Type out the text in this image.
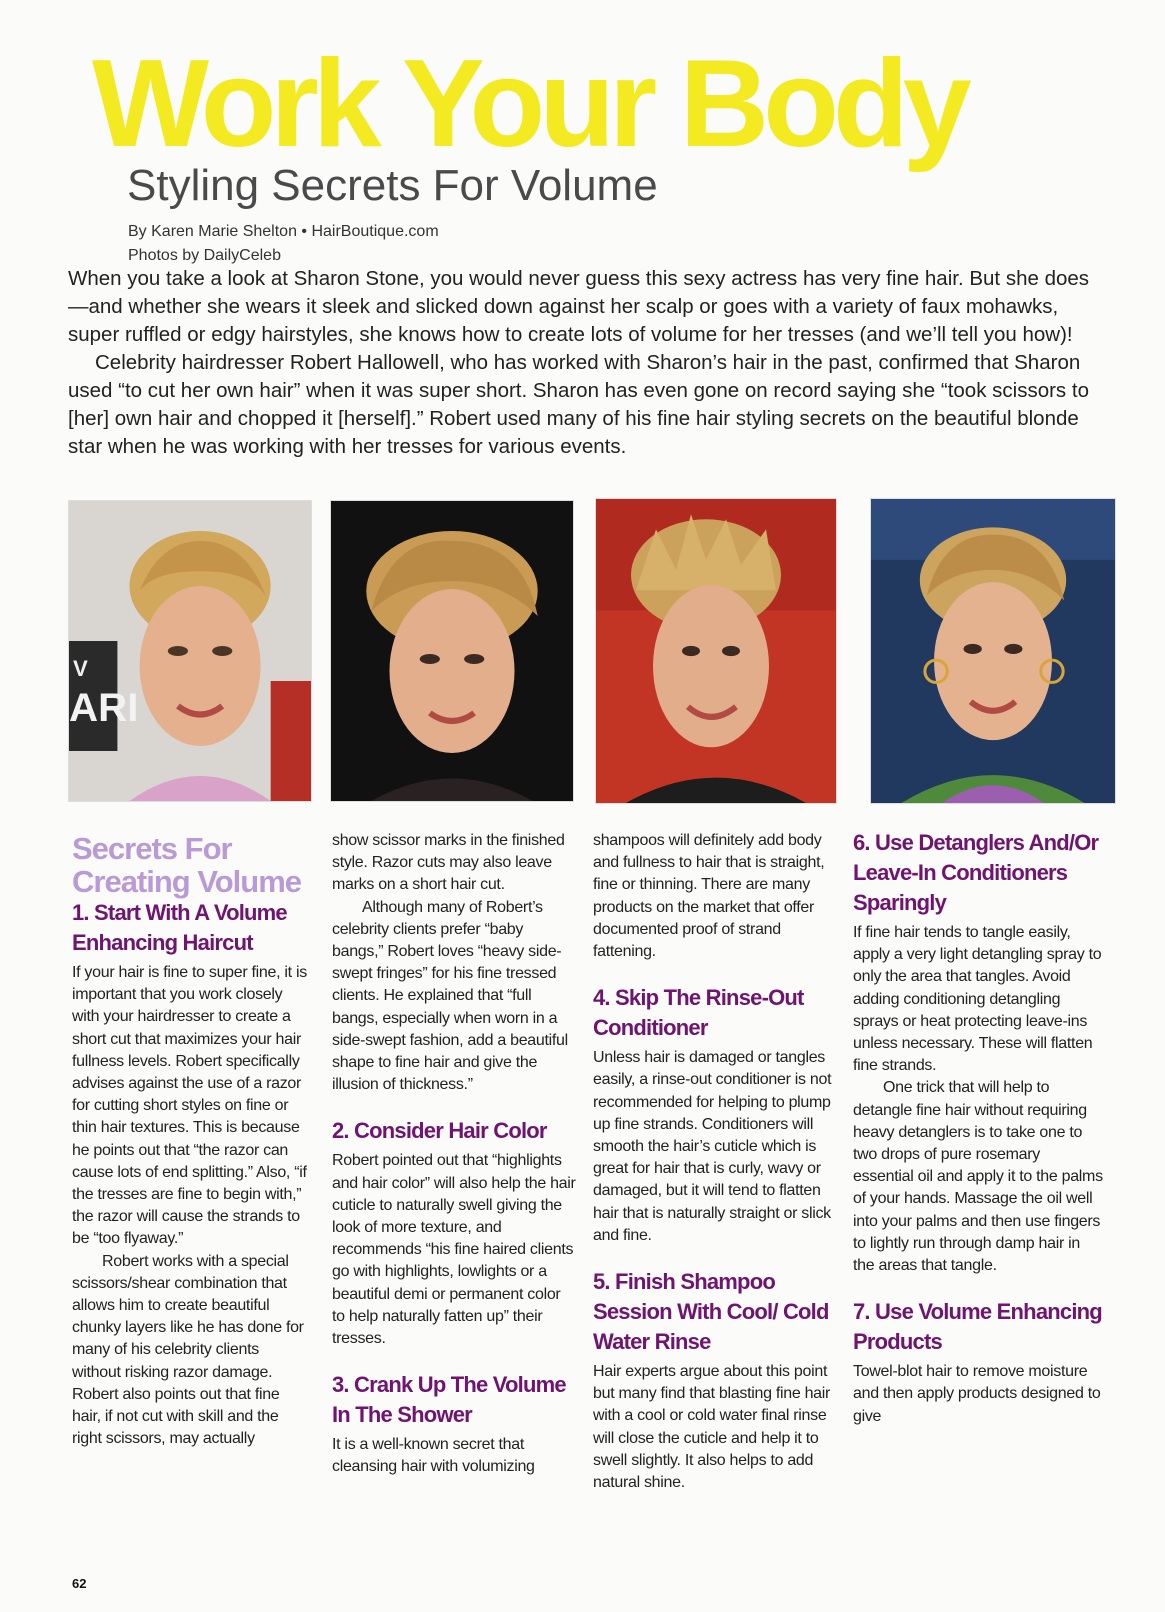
Work Your Body
Styling Secrets For Volume
By Karen Marie Shelton • HairBoutique.com
Photos by DailyCeleb

When you take a look at Sharon Stone, you would never guess this sexy actress has very fine hair. But she does—and whether she wears it sleek and slicked down against her scalp or goes with a variety of faux mohawks, super ruffled or edgy hairstyles, she knows how to create lots of volume for her tresses (and we’ll tell you how)!

Celebrity hairdresser Robert Hallowell, who has worked with Sharon’s hair in the past, confirmed that Sharon used “to cut her own hair” when it was super short. Sharon has even gone on record saying she “took scissors to [her] own hair and chopped it [herself].” Robert used many of his fine hair styling secrets on the beautiful blonde star when he was working with her tresses for various events.

V
ARI
Secrets For Creating Volume
1. Start With A Volume Enhancing Haircut

If your hair is fine to super fine, it is important that you work closely with your hairdresser to create a short cut that maximizes your hair fullness levels. Robert specifically advises against the use of a razor for cutting short styles on fine or thin hair textures. This is because he points out that “the razor can cause lots of end splitting.” Also, “if the tresses are fine to begin with,” the razor will cause the strands to be “too flyaway.”

Robert works with a special scissors/shear combination that allows him to create beautiful chunky layers like he has done for many of his celebrity clients without risking razor damage. Robert also points out that fine hair, if not cut with skill and the right scissors, may actually

show scissor marks in the finished style. Razor cuts may also leave marks on a short hair cut.

Although many of Robert’s celebrity clients prefer “baby bangs,” Robert loves “heavy side-swept fringes” for his fine tressed clients. He explained that “full bangs, especially when worn in a side-swept fashion, add a beautiful shape to fine hair and give the illusion of thickness.”

2. Consider Hair Color

Robert pointed out that “highlights and hair color” will also help the hair cuticle to naturally swell giving the look of more texture, and recommends “his fine haired clients go with highlights, lowlights or a beautiful demi or permanent color to help naturally fatten up” their tresses.

3. Crank Up The Volume In The Shower

It is a well-known secret that cleansing hair with volumizing

shampoos will definitely add body and fullness to hair that is straight, fine or thinning. There are many products on the market that offer documented proof of strand fattening.

4. Skip The Rinse-Out Conditioner

Unless hair is damaged or tangles easily, a rinse-out conditioner is not recommended for helping to plump up fine strands. Conditioners will smooth the hair’s cuticle which is great for hair that is curly, wavy or damaged, but it will tend to flatten hair that is naturally straight or slick and fine.

5. Finish Shampoo Session With Cool/ Cold Water Rinse

Hair experts argue about this point but many find that blasting fine hair with a cool or cold water final rinse will close the cuticle and help it to swell slightly. It also helps to add natural shine.

6. Use Detanglers And/Or Leave-In Conditioners Sparingly

If fine hair tends to tangle easily, apply a very light detangling spray to only the area that tangles. Avoid adding conditioning detangling sprays or heat protecting leave-ins unless necessary. These will flatten fine strands.

One trick that will help to detangle fine hair without requiring heavy detanglers is to take one to two drops of pure rosemary essential oil and apply it to the palms of your hands. Massage the oil well into your palms and then use fingers to lightly run through damp hair in the areas that tangle.

7. Use Volume Enhancing Products

Towel-blot hair to remove moisture and then apply products designed to give

62
